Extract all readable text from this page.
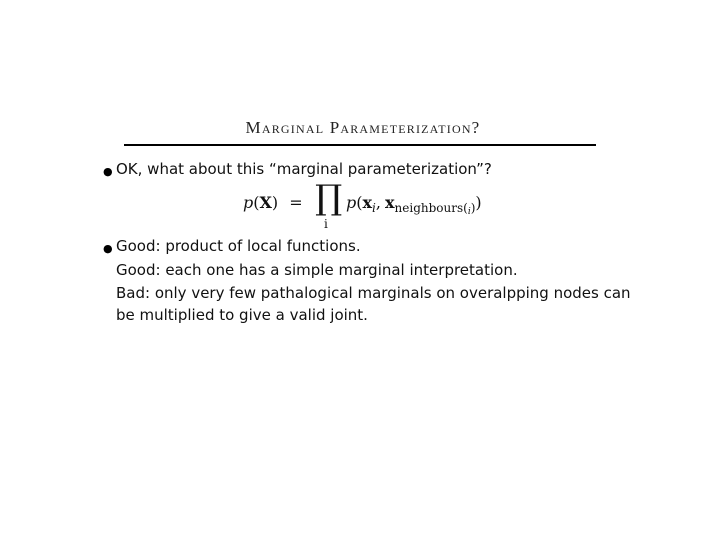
Marginal Parameterization?
● OK, what about this “marginal parameterization”?
p(X) = ∏
i
$p(x_i$, $x_{neighbours(i)}$)
● Good: product of local functions.
Good: each one has a simple marginal interpretation.
Bad: only very few pathalogical marginals on overalpping nodes can
be multiplied to give a valid joint.
